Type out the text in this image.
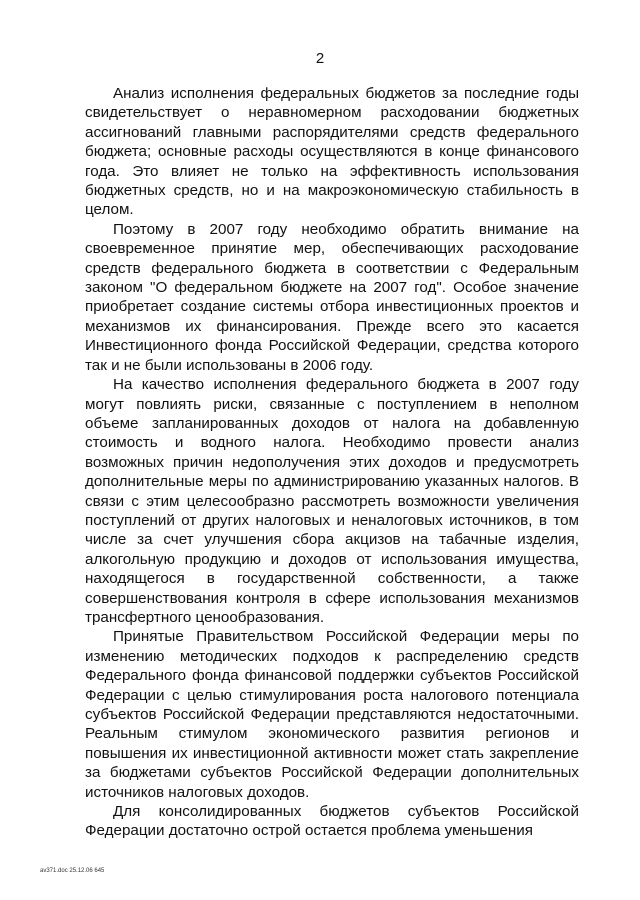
2

Анализ исполнения федеральных бюджетов за последние годы свидетельствует о неравномерном расходовании бюджетных ассигнований главными распорядителями средств федерального бюджета; основные расходы осуществляются в конце финансового года. Это влияет не только на эффективность использования бюджетных средств, но и на макроэкономическую стабильность в целом.

Поэтому в 2007 году необходимо обратить внимание на своевременное принятие мер, обеспечивающих расходование средств федерального бюджета в соответствии с Федеральным законом "О федеральном бюджете на 2007 год". Особое значение приобретает создание системы отбора инвестиционных проектов и механизмов их финансирования. Прежде всего это касается Инвестиционного фонда Российской Федерации, средства которого так и не были использованы в 2006 году.

На качество исполнения федерального бюджета в 2007 году могут повлиять риски, связанные с поступлением в неполном объеме запланированных доходов от налога на добавленную стоимость и водного налога. Необходимо провести анализ возможных причин недополучения этих доходов и предусмотреть дополнительные меры по администрированию указанных налогов. В связи с этим целесообразно рассмотреть возможности увеличения поступлений от других налоговых и неналоговых источников, в том числе за счет улучшения сбора акцизов на табачные изделия, алкогольную продукцию и доходов от использования имущества, находящегося в государственной собственности, а также совершенствования контроля в сфере использования механизмов трансфертного ценообразования.

Принятые Правительством Российской Федерации меры по изменению методических подходов к распределению средств Федерального фонда финансовой поддержки субъектов Российской Федерации с целью стимулирования роста налогового потенциала субъектов Российской Федерации представляются недостаточными. Реальным стимулом экономического развития регионов и повышения их инвестиционной активности может стать закрепление за бюджетами субъектов Российской Федерации дополнительных источников налоговых доходов.

Для консолидированных бюджетов субъектов Российской Федерации достаточно острой остается проблема уменьшения

av371.doc 25.12.06 645
